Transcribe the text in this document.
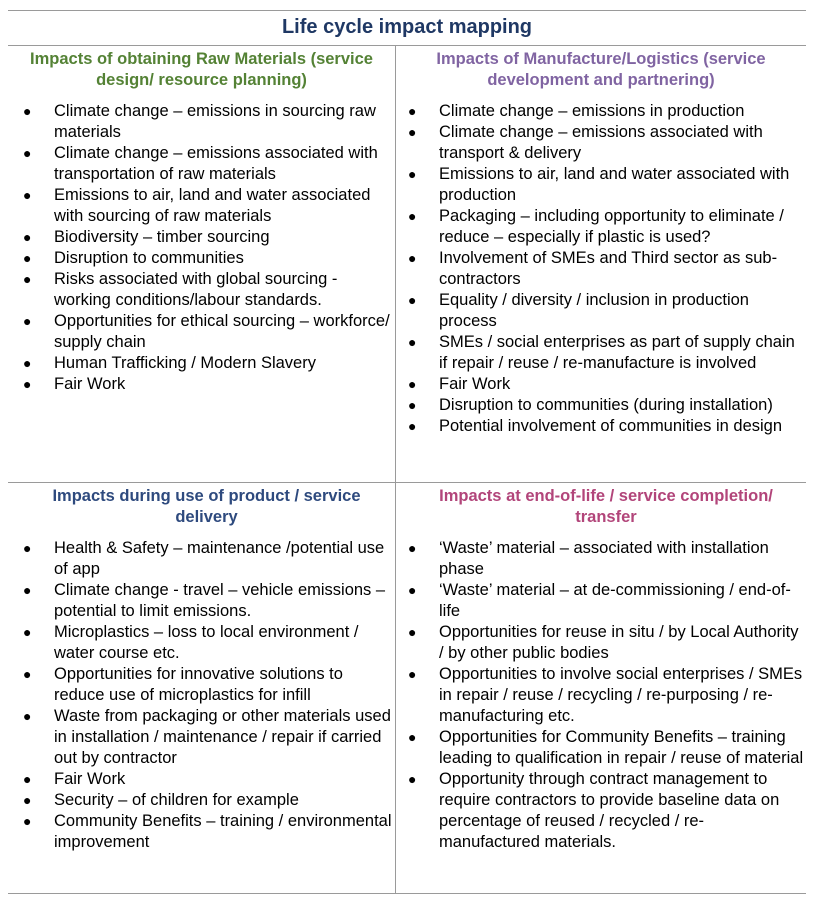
Life cycle impact mapping
Impacts of obtaining Raw Materials (service design/ resource planning)
● Climate change – emissions in sourcing raw materials
● Climate change – emissions associated with transportation of raw materials
● Emissions to air, land and water associated with sourcing of raw materials
● Biodiversity – timber sourcing
● Disruption to communities
● Risks associated with global sourcing - working conditions/labour standards.
● Opportunities for ethical sourcing – workforce/ supply chain
● Human Trafficking / Modern Slavery
● Fair Work
Impacts of Manufacture/Logistics (service development and partnering)
● Climate change – emissions in production
● Climate change – emissions associated with transport & delivery
● Emissions to air, land and water associated with production
● Packaging – including opportunity to eliminate / reduce – especially if plastic is used?
● Involvement of SMEs and Third sector as sub-contractors
● Equality / diversity / inclusion in production process
● SMEs / social enterprises as part of supply chain if repair / reuse / re-manufacture is involved
● Fair Work
● Disruption to communities (during installation)
● Potential involvement of communities in design
Impacts during use of product / service delivery
● Health & Safety – maintenance /potential use of app
● Climate change - travel – vehicle emissions –potential to limit emissions.
● Microplastics – loss to local environment / water course etc.
● Opportunities for innovative solutions to reduce use of microplastics for infill
● Waste from packaging or other materials used in installation / maintenance / repair if carried out by contractor
● Fair Work
● Security – of children for example
● Community Benefits – training / environmental improvement
Impacts at end-of-life / service completion/ transfer
● ‘Waste’ material – associated with installation phase
● ‘Waste’ material – at de-commissioning / end-of-life
● Opportunities for reuse in situ / by Local Authority / by other public bodies
● Opportunities to involve social enterprises / SMEs in repair / reuse / recycling / re-purposing / re-manufacturing etc.
● Opportunities for Community Benefits – training leading to qualification in repair / reuse of material
● Opportunity through contract management to require contractors to provide baseline data on percentage of reused / recycled / re-manufactured materials.
